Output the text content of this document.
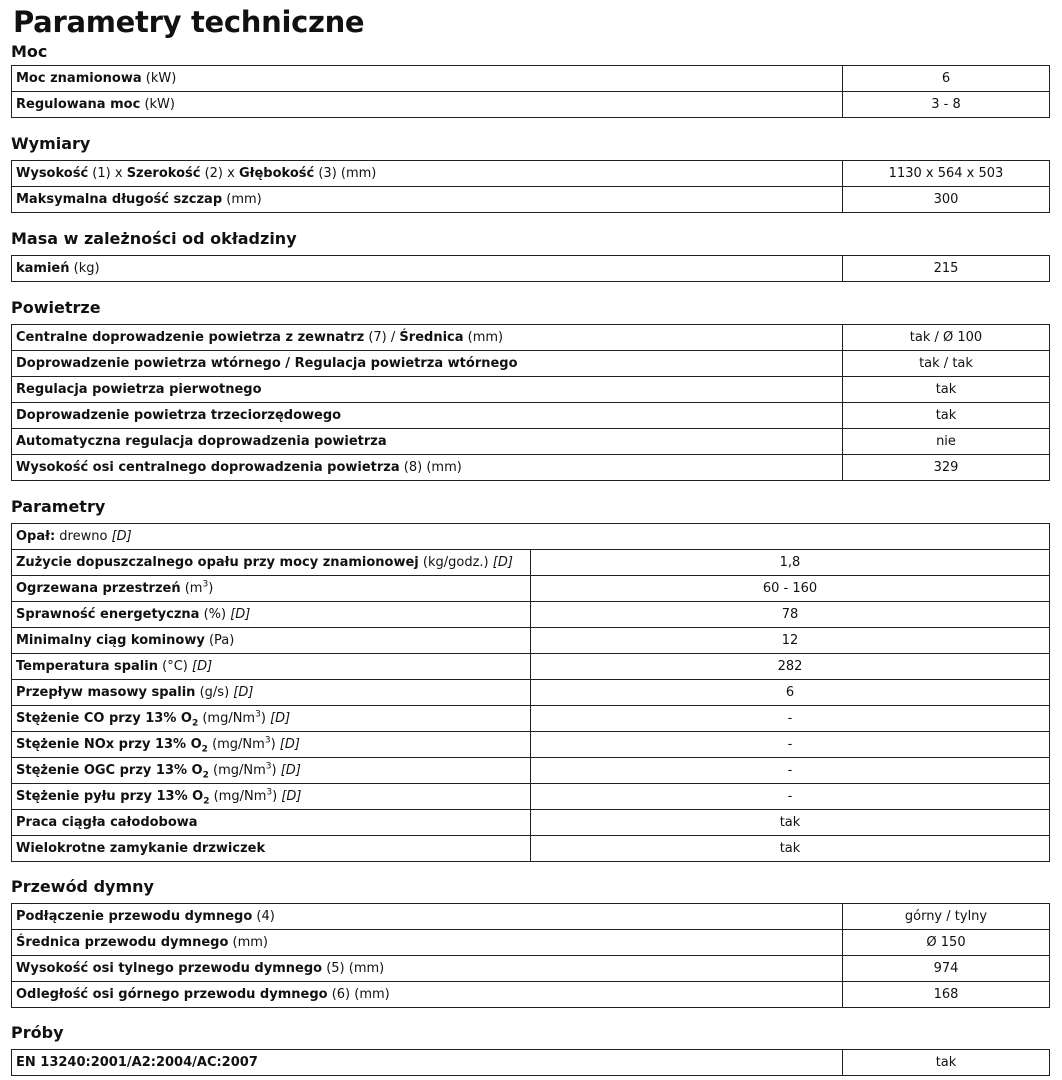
Parametry techniczne
Moc
Moc znamionowa (kW)	6
Regulowana moc (kW)	3 - 8
Wymiary
Wysokość (1) x Szerokość (2) x Głębokość (3) (mm)	1130 x 564 x 503
Maksymalna długość szczap (mm)	300
Masa w zależności od okładziny
kamień (kg)	215
Powietrze
Centralne doprowadzenie powietrza z zewnatrz (7) / Średnica (mm)	tak / Ø 100
Doprowadzenie powietrza wtórnego / Regulacja powietrza wtórnego	tak / tak
Regulacja powietrza pierwotnego	tak
Doprowadzenie powietrza trzeciorzędowego	tak
Automatyczna regulacja doprowadzenia powietrza	nie
Wysokość osi centralnego doprowadzenia powietrza (8) (mm)	329
Parametry
Opał: drewno [D]	
Zużycie dopuszczalnego opału przy mocy znamionowej (kg/godz.) [D]	1,8
Ogrzewana przestrzeń $(m^3)$	60 - 160
Sprawność energetyczna (%) [D]	78
Minimalny ciąg kominowy (Pa)	12
Temperatura spalin (°C) [D]	282
Przepływ masowy spalin (g/s) [D]	6
Stężenie CO przy 13% $O_2$ (mg/Nm$^3$) [D]	-
Stężenie NOx przy 13% $O_2$ (mg/Nm$^3$) [D]	-
Stężenie OGC przy 13% $O_2$ (mg/Nm$^3$) [D]	-
Stężenie pyłu przy 13% $O_2$ (mg/Nm$^3$) [D]	-
Praca ciągła całodobowa	tak
Wielokrotne zamykanie drzwiczek	tak
Przewód dymny
Podłączenie przewodu dymnego (4)	górny / tylny
Średnica przewodu dymnego (mm)	Ø 150
Wysokość osi tylnego przewodu dymnego (5) (mm)	974
Odległość osi górnego przewodu dymnego (6) (mm)	168
Próby
EN 13240:2001/A2:2004/AC:2007	tak
